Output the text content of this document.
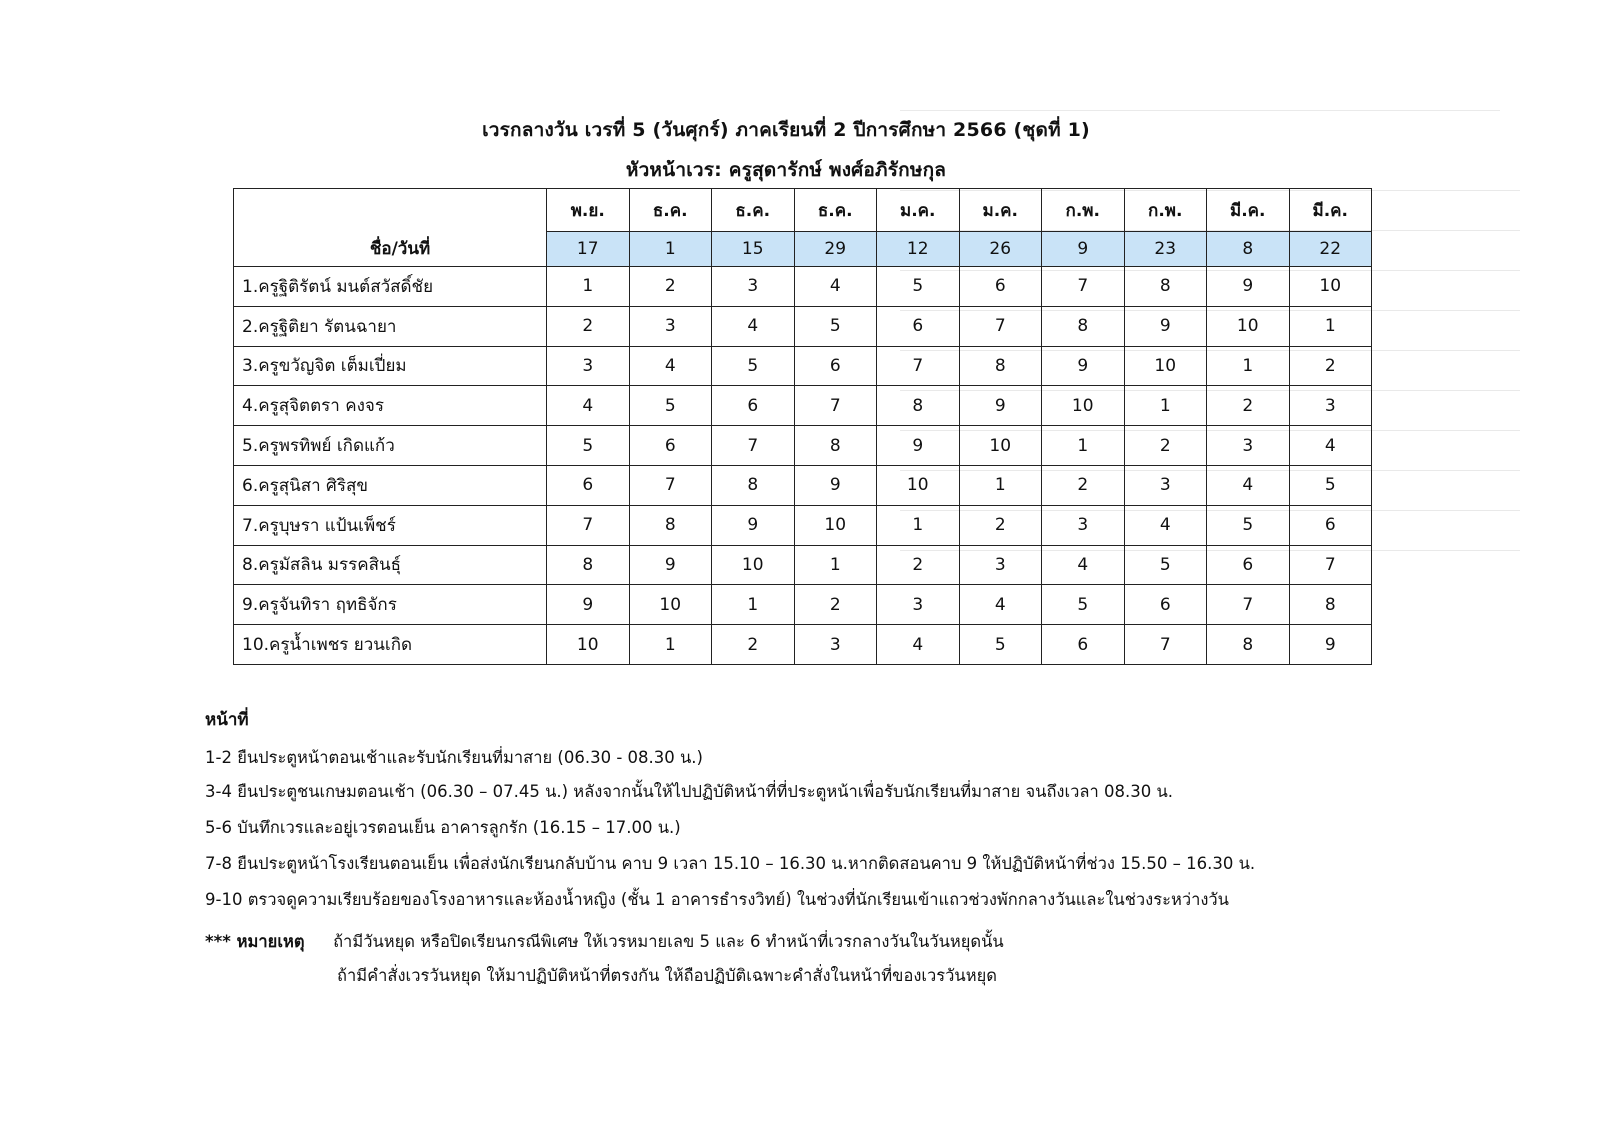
เวรกลางวัน เวรที่ 5 (วันศุกร์) ภาคเรียนที่ 2 ปีการศึกษา 2566 (ชุดที่ 1)
หัวหน้าเวร: ครูสุดารักษ์ พงศ์อภิรักษกุล
ชื่อ/วันที่	พ.ย.	ธ.ค.	ธ.ค.	ธ.ค.	ม.ค.	ม.ค.	ก.พ.	ก.พ.	มี.ค.	มี.ค.
	17	1	15	29	12	26	9	23	8	22
1.ครูฐิติรัตน์ มนต์สวัสดิ์ชัย	1	2	3	4	5	6	7	8	9	10
2.ครูฐิติยา รัตนฉายา	2	3	4	5	6	7	8	9	10	1
3.ครูขวัญจิต เต็มเปี่ยม	3	4	5	6	7	8	9	10	1	2
4.ครูสุจิตตรา คงจร	4	5	6	7	8	9	10	1	2	3
5.ครูพรทิพย์ เกิดแก้ว	5	6	7	8	9	10	1	2	3	4
6.ครูสุนิสา ศิริสุข	6	7	8	9	10	1	2	3	4	5
7.ครูบุษรา แป้นเพ็ชร์	7	8	9	10	1	2	3	4	5	6
8.ครูมัสลิน มรรคสินธุ์	8	9	10	1	2	3	4	5	6	7
9.ครูจันทิรา ฤทธิจักร	9	10	1	2	3	4	5	6	7	8
10.ครูน้ำเพชร ยวนเกิด	10	1	2	3	4	5	6	7	8	9
หน้าที่
1-2 ยืนประตูหน้าตอนเช้าและรับนักเรียนที่มาสาย (06.30 - 08.30 น.)
3-4 ยืนประตูชนเกษมตอนเช้า (06.30 – 07.45 น.) หลังจากนั้นให้ไปปฏิบัติหน้าที่ที่ประตูหน้าเพื่อรับนักเรียนที่มาสาย จนถึงเวลา 08.30 น.
5-6 บันทึกเวรและอยู่เวรตอนเย็น อาคารลูกรัก (16.15 – 17.00 น.)
7-8 ยืนประตูหน้าโรงเรียนตอนเย็น เพื่อส่งนักเรียนกลับบ้าน คาบ 9 เวลา 15.10 – 16.30 น.หากติดสอนคาบ 9 ให้ปฏิบัติหน้าที่ช่วง 15.50 – 16.30 น.
9-10 ตรวจดูความเรียบร้อยของโรงอาหารและห้องน้ำหญิง (ชั้น 1 อาคารธำรงวิทย์) ในช่วงที่นักเรียนเข้าแถวช่วงพักกลางวันและในช่วงระหว่างวัน
*** หมายเหตุ ถ้ามีวันหยุด หรือปิดเรียนกรณีพิเศษ ให้เวรหมายเลข 5 และ 6 ทำหน้าที่เวรกลางวันในวันหยุดนั้น
ถ้ามีคำสั่งเวรวันหยุด ให้มาปฏิบัติหน้าที่ตรงกัน ให้ถือปฏิบัติเฉพาะคำสั่งในหน้าที่ของเวรวันหยุด
